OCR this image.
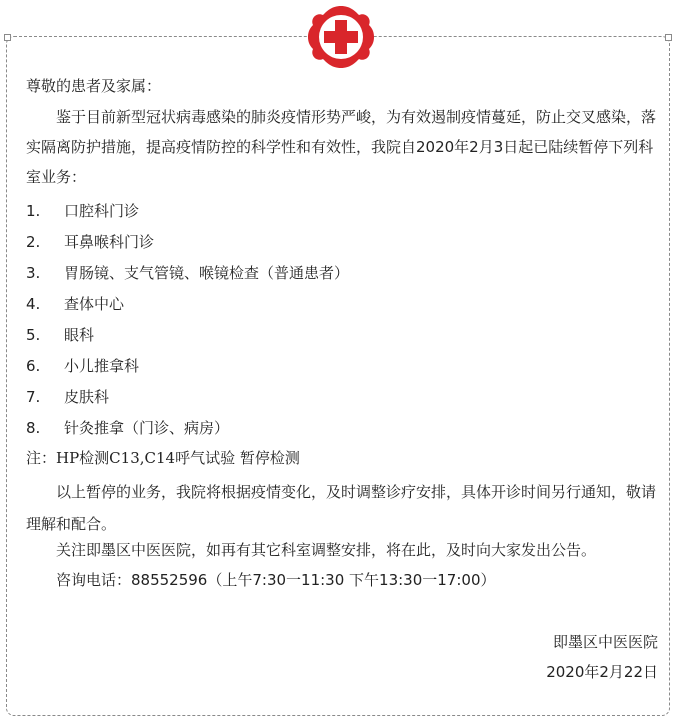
尊敬的患者及家属：

鉴于目前新型冠状病毒感染的肺炎疫情形势严峻，为有效遏制疫情蔓延，防止交叉感染，落实隔离防护措施，提高疫情防控的科学性和有效性，我院自2020年2月3日起已陆续暂停下列科室业务：

1. 口腔科门诊
2. 耳鼻喉科门诊
3. 胃肠镜、支气管镜、喉镜检查（普通患者）
4. 查体中心
5. 眼科
6. 小儿推拿科
7. 皮肤科
8. 针灸推拿（门诊、病房）

注：HP检测C13,C14呼气试验 暂停检测

以上暂停的业务，我院将根据疫情变化，及时调整诊疗安排，具体开诊时间另行通知，敬请理解和配合。

关注即墨区中医医院，如再有其它科室调整安排，将在此，及时向大家发出公告。

咨询电话：88552596（上午7:30一11:30 下午13:30一17:00）

即墨区中医医院

2020年2月22日
